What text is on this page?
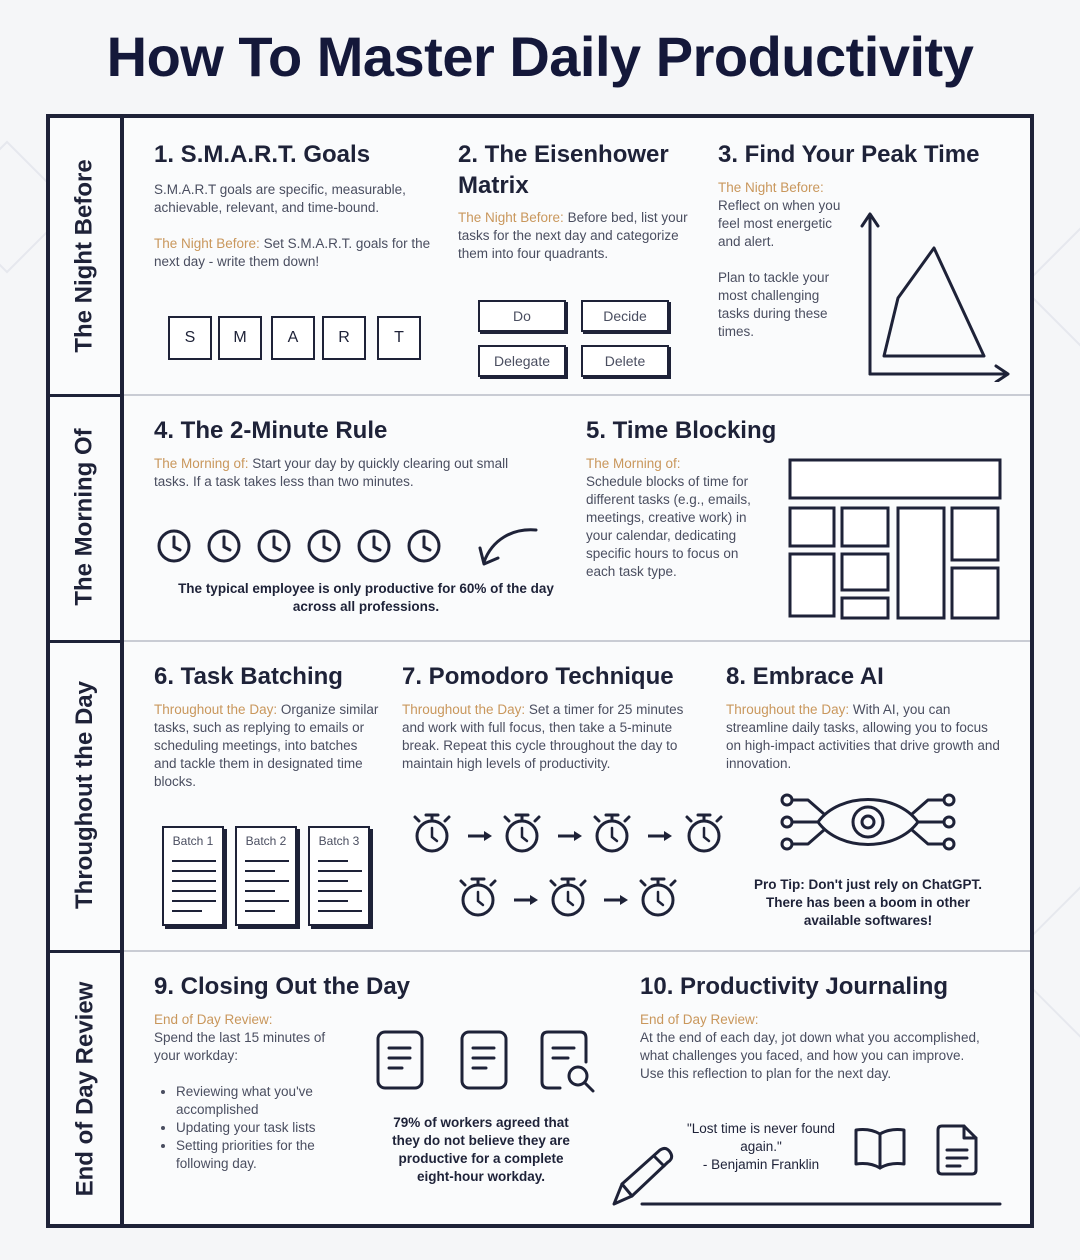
How To Master Daily Productivity
The Night Before
The Morning Of
Throughout the Day
End of Day Review
1. S.M.A.R.T. Goals

S.M.A.R.T goals are specific, measurable, achievable, relevant, and time-bound.

The Night Before: Set S.M.A.R.T. goals for the next day - write them down!

S	M	A	R	T
2. The Eisenhower
Matrix

The Night Before: Before bed, list your tasks for the next day and categorize them into four quadrants.

Do	Decide
Delegate	Delete
3. Find Your Peak Time

The Night Before:

Reflect on when you feel most energetic and alert.

Plan to tackle your most challenging tasks during these times.

4. The 2-Minute Rule

The Morning of: Start your day by quickly clearing out small tasks. If a task takes less than two minutes.

The typical employee is only productive for 60% of the day across all professions.
5. Time Blocking

The Morning of:

Schedule blocks of time for different tasks (e.g., emails, meetings, creative work) in your calendar, dedicating specific hours to focus on each task type.

6. Task Batching

Throughout the Day: Organize similar tasks, such as replying to emails or scheduling meetings, into batches and tackle them in designated time blocks.

Batch 1	Batch 2	Batch 3
7. Pomodoro Technique

Throughout the Day: Set a timer for 25 minutes and work with full focus, then take a 5-minute break. Repeat this cycle throughout the day to maintain high levels of productivity.

8. Embrace AI

Throughout the Day: With AI, you can streamline daily tasks, allowing you to focus on high-impact activities that drive growth and innovation.

Pro Tip: Don't just rely on ChatGPT. There has been a boom in other available softwares!
9. Closing Out the Day

End of Day Review:

Spend the last 15 minutes of your workday:

• Reviewing what you've accomplished
• Updating your task lists
• Setting priorities for the following day.
79% of workers agreed that they do not believe they are productive for a complete eight-hour workday.
10. Productivity Journaling

End of Day Review:

At the end of each day, jot down what you accomplished, what challenges you faced, and how you can improve. Use this reflection to plan for the next day.

"Lost time is never found again."
- Benjamin Franklin
